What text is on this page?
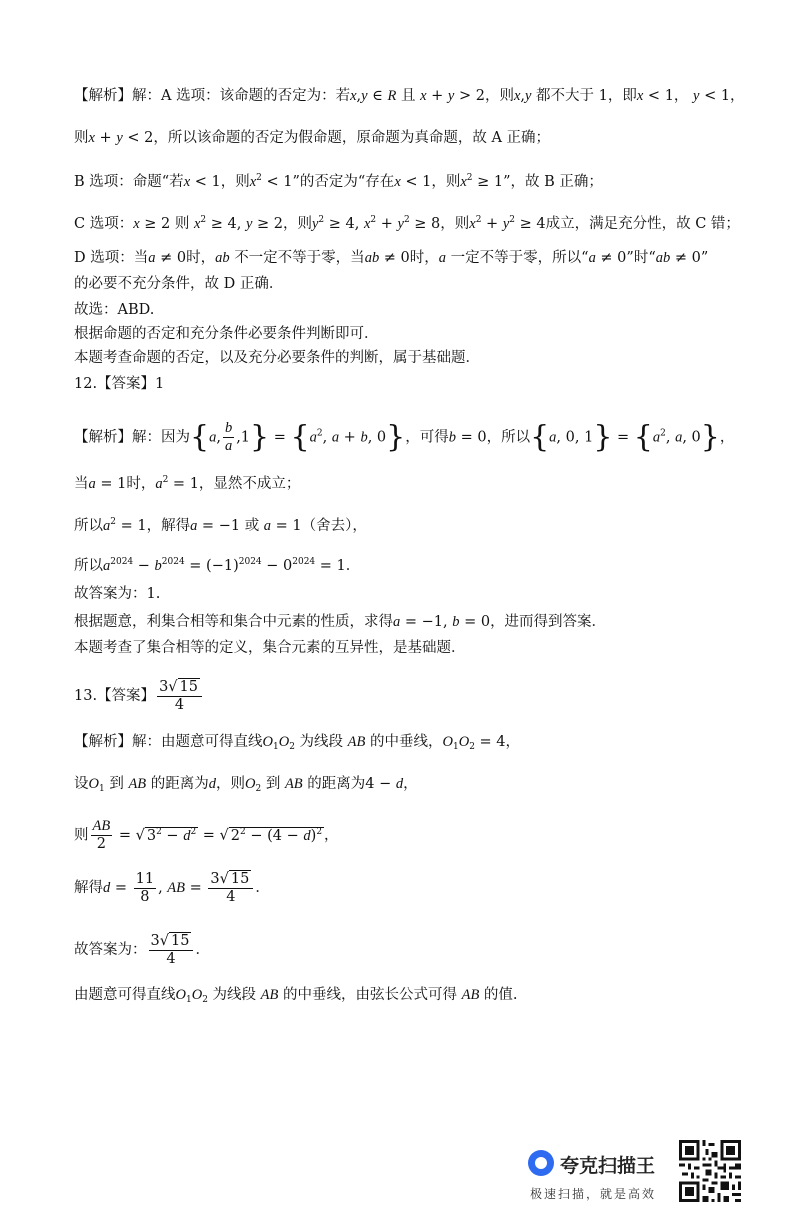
【解析】解：A 选项：该命题的否定为：若x,y ∈ R 且 x + y > 2，则x,y 都不大于 1，即x < 1， y < 1，
则x + y < 2，所以该命题的否定为假命题，原命题为真命题，故 A 正确；
B 选项：命题“若x < 1，则$x^2 < 1$”的否定为“存在x < 1，则$x^2 \ge 1$”，故 B 正确；
C 选项：x ≥ 2 则 $x^2 \ge 4$, y ≥ 2，则$y^2 \ge 4$, $x^2 + y^2 \ge 8$，则$x^2 + y^2 \ge 4$成立，满足充分性，故 C 错；
D 选项：当a ≠ 0时，ab 不一定不等于零，当ab ≠ 0时，a 一定不等于零，所以“a ≠ 0”时“ab ≠ 0”
的必要不充分条件，故 D 正确．
故选：ABD.
根据命题的否定和充分条件必要条件判断即可．
本题考查命题的否定，以及充分必要条件的判断，属于基础题．
12.【答案】1
【解析】解：因为{a, $\frac{b}{a} ,1\} = \{a^2$, a + b, 0}，可得b = 0，所以{a, 0, $1\} = \{a^2$, a, 0}，
当a = 1时，$a^2 = 1$，显然不成立；
所以$a^2 = 1$，解得a = −1 或 a = 1（舍去），
所以$a^{2024} - b^{2024} = (-1)^{2024} - 0^{2024} = 1$．
故答案为：1.
根据题意，利集合相等和集合中元素的性质，求得a = −1, b = 0，进而得到答案．
本题考查了集合相等的定义，集合元素的互异性，是基础题．
13.【答案】 $\frac{3√ 15}{4}$
【解析】解：由题意可得直线$O_1O_2$ 为线段 AB 的中垂线，$O_1O_2 = 4$，
设$O_1$ 到 AB 的距离为d，则$O_2$ 到 AB 的距离为4 − d，
则 $\frac{AB}{2}$ = √ $3^2 - d^2$ = √ $2^2 - (4 - d)^2$ ，
解得$d = \frac{11}{8}$ , AB = $\frac{3√ 15}{4}$ ．
故答案为： $\frac{3√ 15}{4}$ ．
由题意可得直线$O_1O_2$ 为线段 AB 的中垂线，由弦长公式可得 AB 的值.
夸克扫描王
极速扫描，就是高效
